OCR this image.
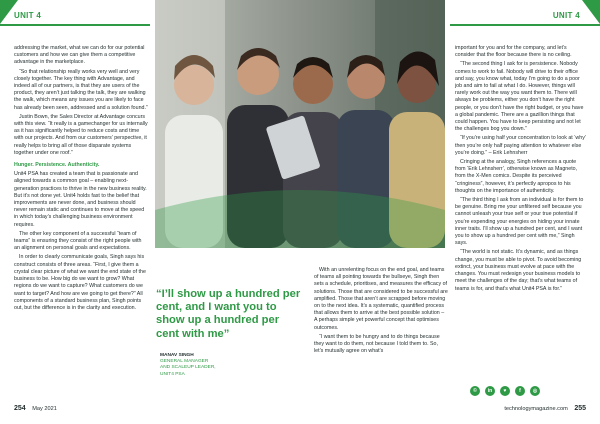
UNIT 4	UNIT 4

addressing the market, what we can do for our potential customers and how we can give them a competitive advantage in the marketplace.

“So that relationship really works very well and very closely together. The key thing with Advantage, and indeed all of our partners, is that they are users of the product, they aren’t just talking the talk, they are walking the walk, which means any issues you are likely to face has already been seen, addressed and a solution found.”

Justin Bown, the Sales Director at Advantage concurs with this view. “It really is a gamechanger for us internally as it has significantly helped to reduce costs and time with our projects. And from our customers’ perspective, it really helps to bring all of those disparate systems together under one roof.”

Hunger. Persistence. Authenticity.

Unit4 PSA has created a team that is passionate and aligned towards a common goal – enabling next-generation practices to thrive in the new business reality. But it’s not done yet. Unit4 holds fast to the belief that improvements are never done, and business should never remain static and continues to move at the speed in which today’s challenging business environment requires.

The other key component of a successful “team of teams” is ensuring they consist of the right people with an alignment on personal goals and expectations.

In order to clearly communicate goals, Singh says his construct consists of three areas. “First, I give them a crystal clear picture of what we want the end state of the business to be. How big do we want to grow? What regions do we want to capture? What customers do we want to target? And how are we going to get there?” All components of a standard business plan, Singh points out, but the difference is in the clarity and execution.

“I’ll show up a hundred per cent, and I want you to show up a hundred per cent with me”
MANAV SINGH
GENERAL MANAGER
AND SCALEUP LEADER,
UNIT4 PSA

With an unrelenting focus on the end goal, and teams of teams all pointing towards the bullseye, Singh then sets a schedule, prioritises, and measures the efficacy of solutions. Those that are considered to be successful are amplified. Those that aren’t are scrapped before moving on to the next idea. It’s a systematic, quantified process that allows them to arrive at the best possible solution – A perhaps simple yet powerful concept that optimises outcomes.

“I want them to be hungry and to do things because they want to do them, not because I told them to. So, let’s mutually agree on what’s

important for you and for the company, and let’s consider that the floor because there is no ceiling.

“The second thing I ask for is persistence. Nobody comes to work to fail. Nobody will drive to their office and say, you know what, today I’m going to do a poor job and aim to fail at what I do. However, things will rarely work out the way you want them to. There will always be problems, either you don’t have the right people, or you don’t have the right budget, or you have a global pandemic. There are a gazillion things that could happen. You have to keep persisting and not let the challenges bog you down.”

“If you’re using half your concentration to look at ‘why’ then you’re only half paying attention to whatever else you’re doing.” – Erik Lehnsherr

Cringing at the analogy, Singh references a quote from ‘Erik Lehnsherr’, otherwise known as Magneto, from the X-Men comics. Despite its perceived “cringiness”, however, it’s perfectly apropos to his thoughts on the importance of authenticity.

“The third thing I ask from an individual is for them to be genuine. Bring me your unfiltered self because you cannot unleash your true self or your true potential if you’re expending your energies on hiding your innate inner traits. I’ll show up a hundred per cent, and I want you to show up a hundred per cent with me,” Singh says.

“The world is not static. It’s dynamic, and as things change, you must be able to pivot. To avoid becoming extinct, your business must evolve at pace with the changes. You must redesign your business models to meet the challenges of the day; that’s what teams of teams is for, and that’s what Unit4 PSA is for.”

©	in	♥	f	◎
254 May 2021	technologymagazine.com 255
